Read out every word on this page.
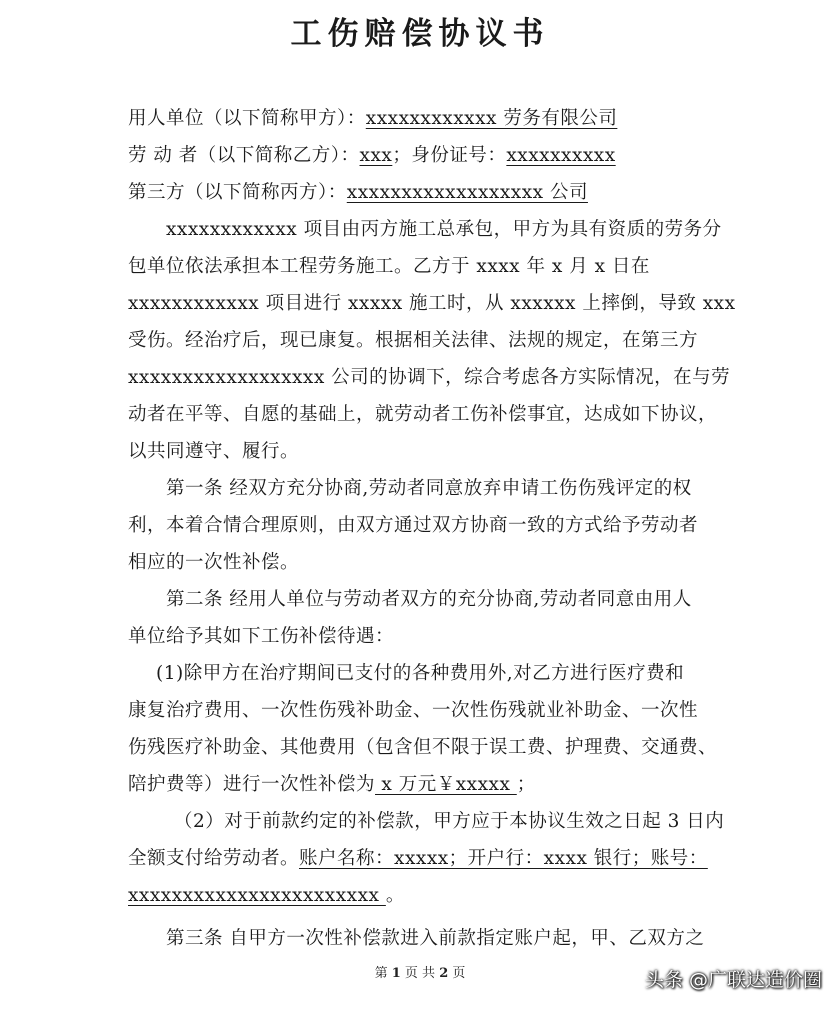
工伤赔偿协议书
用人单位（以下简称甲方）：xxxxxxxxxxxx 劳务有限公司
劳 动 者（以下简称乙方）：xxx；身份证号：xxxxxxxxxx
第三方（以下简称丙方）：xxxxxxxxxxxxxxxxxx 公司
xxxxxxxxxxxx 项目由丙方施工总承包，甲方为具有资质的劳务分
包单位依法承担本工程劳务施工。乙方于 xxxx 年 x 月 x 日在
xxxxxxxxxxxx 项目进行 xxxxx 施工时，从 xxxxxx 上摔倒，导致 xxx
受伤。经治疗后，现已康复。根据相关法律、法规的规定，在第三方
xxxxxxxxxxxxxxxxxx 公司的协调下，综合考虑各方实际情况，在与劳
动者在平等、自愿的基础上，就劳动者工伤补偿事宜，达成如下协议，
以共同遵守、履行。
第一条 经双方充分协商,劳动者同意放弃申请工伤伤残评定的权
利，本着合情合理原则，由双方通过双方协商一致的方式给予劳动者
相应的一次性补偿。
第二条 经用人单位与劳动者双方的充分协商,劳动者同意由用人
单位给予其如下工伤补偿待遇：
(1)除甲方在治疗期间已支付的各种费用外,对乙方进行医疗费和
康复治疗费用、一次性伤残补助金、一次性伤残就业补助金、一次性
伤残医疗补助金、其他费用（包含但不限于误工费、护理费、交通费、
陪护费等）进行一次性补偿为 x 万元￥xxxxx ；
（2）对于前款约定的补偿款，甲方应于本协议生效之日起 3 日内
全额支付给劳动者。账户名称：xxxxx；开户行：xxxx 银行；账号：
xxxxxxxxxxxxxxxxxxxxxxx 。
第三条 自甲方一次性补偿款进入前款指定账户起，甲、乙双方之
第 1 页 共 2 页	头条 @广联达造价圈
